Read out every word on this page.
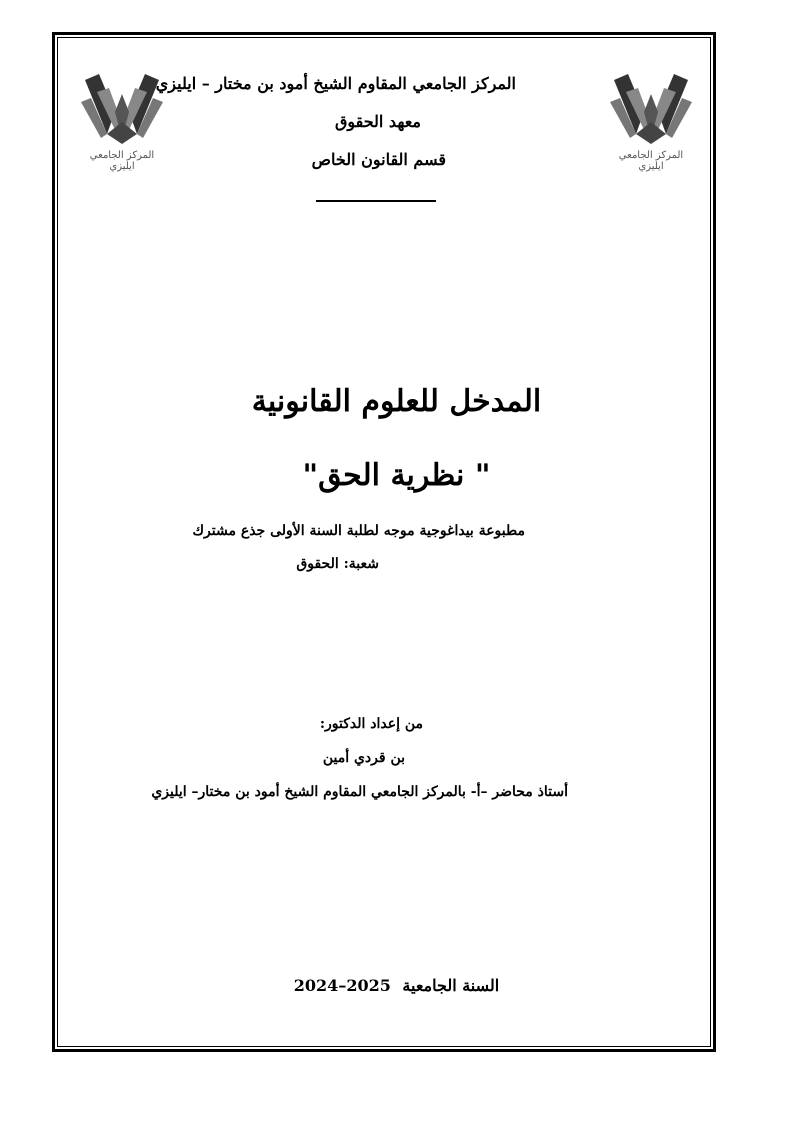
المركز الجامعي ايليزي
المركز الجامعي ايليزي
المركز الجامعي المقاوم الشيخ أمود بن مختار – ايليزي
معهد الحقوق
قسم القانون الخاص
المدخل للعلوم القانونية
" نظرية الحق"
مطبوعة بيداغوجية موجه لطلبة السنة الأولى جذع مشترك
شعبة: الحقوق
من إعداد الدكتور:
بن قردي أمين
أستاذ محاضر –أ- بالمركز الجامعي المقاوم الشيخ أمود بن مختار– ايليزي
2024–2025 السنة الجامعية
